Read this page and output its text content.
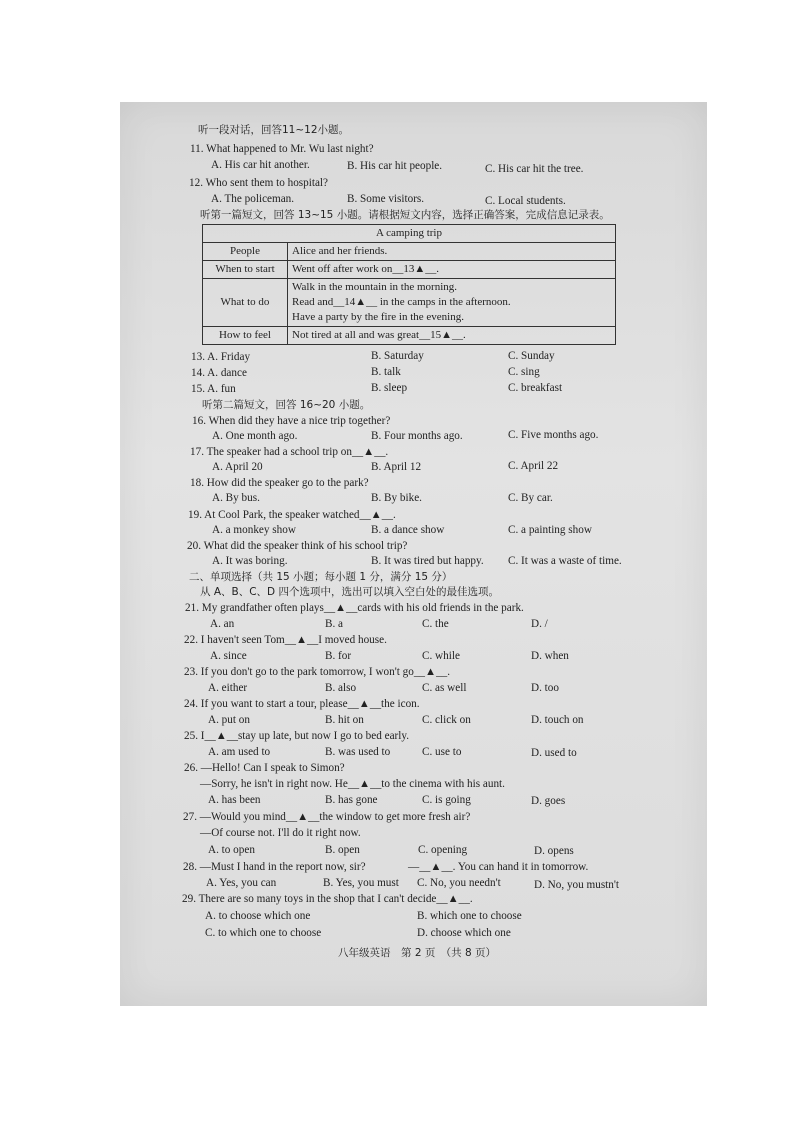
听一段对话，回答11~12小题。
11. What happened to Mr. Wu last night?
A. His car hit another.	B. His car hit people.	C. His car hit the tree.
12. Who sent them to hospital?
A. The policeman.	B. Some visitors.	C. Local students.
听第一篇短文，回答 13~15 小题。请根据短文内容，选择正确答案，完成信息记录表。
A camping trip	
People	Alice and her friends.
When to start	Went off after work on__13▲__.
What to do	Walk in the mountain in the morning.
Read and__14▲__ in the camps in the afternoon.
Have a party by the fire in the evening.

How to feel	Not tired at all and was great__15▲__.
13. A. Friday	B. Saturday	C. Sunday
14. A. dance	B. talk	C. sing
15. A. fun	B. sleep	C. breakfast
听第二篇短文，回答 16~20 小题。
16. When did they have a nice trip together?
A. One month ago.	B. Four months ago.	C. Five months ago.
17. The speaker had a school trip on__▲__.
A. April 20	B. April 12	C. April 22
18. How did the speaker go to the park?
A. By bus.	B. By bike.	C. By car.
19. At Cool Park, the speaker watched__▲__.
A. a monkey show	B. a dance show	C. a painting show
20. What did the speaker think of his school trip?
A. It was boring.	B. It was tired but happy. C. It was a waste of time.
二、单项选择（共 15 小题；每小题 1 分，满分 15 分）
从 A、B、C、D 四个选项中，选出可以填入空白处的最佳选项。
21. My grandfather often plays__▲__cards with his old friends in the park.
A. an	B. a	C. the	D. /
22. I haven't seen Tom__▲__I moved house.
A. since	B. for	C. while	D. when
23. If you don't go to the park tomorrow, I won't go__▲__.
A. either	B. also	C. as well	D. too
24. If you want to start a tour, please__▲__the icon.
A. put on	B. hit on	C. click on	D. touch on
25. I__▲__stay up late, but now I go to bed early.
A. am used to	B. was used to	C. use to	D. used to
26. —Hello! Can I speak to Simon?
—Sorry, he isn't in right now. He__▲__to the cinema with his aunt.
A. has been	B. has gone	C. is going	D. goes
27. —Would you mind__▲__the window to get more fresh air?
—Of course not. I'll do it right now.
A. to open	B. open	C. opening	D. opens
28. —Must I hand in the report now, sir?	—__▲__. You can hand it in tomorrow.
A. Yes, you can	B. Yes, you must C. No, you needn't	D. No, you mustn't
29. There are so many toys in the shop that I can't decide__▲__.
A. to choose which one	B. which one to choose
C. to which one to choose	D. choose which one
八年级英语　第 2 页　（共 8 页）
